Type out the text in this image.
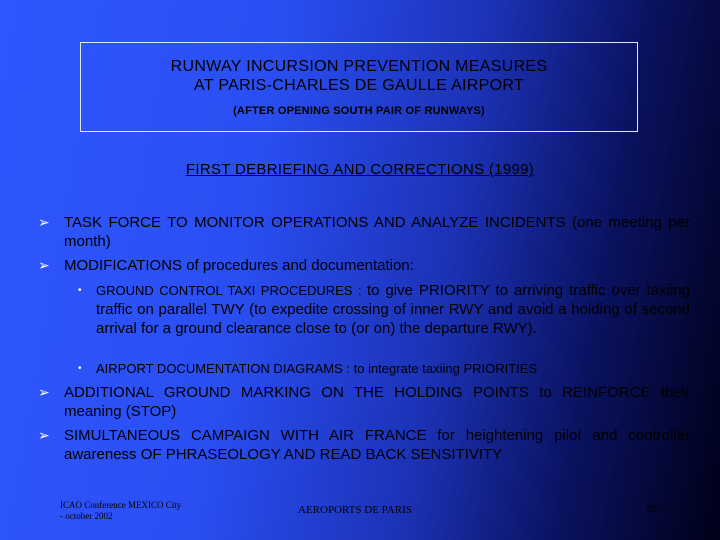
RUNWAY INCURSION PREVENTION MEASURES
AT PARIS-CHARLES DE GAULLE AIRPORT
(AFTER OPENING SOUTH PAIR OF RUNWAYS)
FIRST DEBRIEFING AND CORRECTIONS (1999)
➢ TASK FORCE TO MONITOR OPERATIONS AND ANALYZE INCIDENTS (one meeting per month)
➢ MODIFICATIONS of procedures and documentation:
• GROUND CONTROL TAXI PROCEDURES : to give PRIORITY to arriving traffic over taxiing traffic on parallel TWY (to expedite crossing of inner RWY and avoid a holding of second arrival for a ground clearance close to (or on) the departure RWY).
• AIRPORT DOCUMENTATION DIAGRAMS : to integrate taxiing PRIORITIES
➢ ADDITIONAL GROUND MARKING ON THE HOLDING POINTS to REINFORCE their meaning (STOP)
➢ SIMULTANEOUS CAMPAIGN WITH AIR FRANCE for heightening pilot and controller awareness OF PHRASEOLOGY AND READ BACK SENSITIVITY
ICAO Conference MEXICO City
- october 2002	AEROPORTS DE PARIS	20
